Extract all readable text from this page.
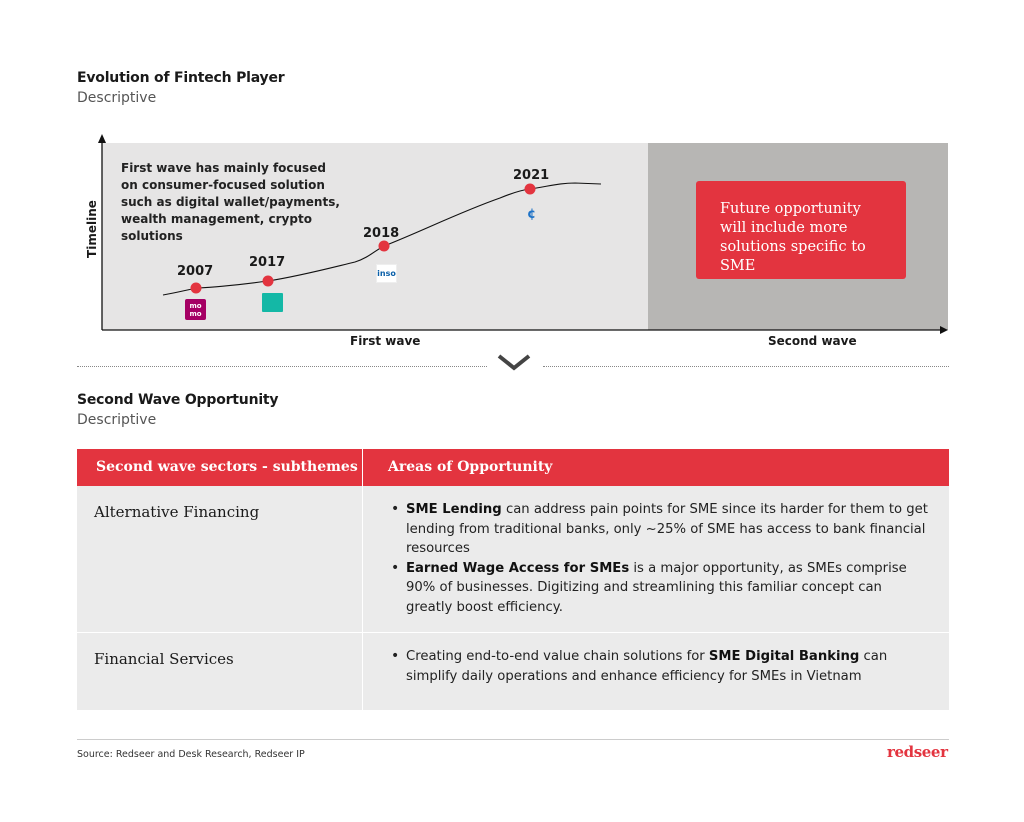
Evolution of Fintech Player
Descriptive
Timeline
First wave has mainly focused on consumer-focused solution such as digital wallet/payments, wealth management, crypto solutions
Future opportunity will include more solutions specific to SME
2007
2017
2018
2021
mo mo
inso
¢
First wave	Second wave
Second Wave Opportunity
Descriptive
Second wave sectors - subthemes	Areas of Opportunity
Alternative Financing	• SME Lending can address pain points for SME since its harder for them to get lending from traditional banks, only ~25% of SME has access to bank financial resources
• Earned Wage Access for SMEs is a major opportunity, as SMEs comprise 90% of businesses. Digitizing and streamlining this familiar concept can greatly boost efficiency.
Financial Services	• Creating end-to-end value chain solutions for SME Digital Banking can simplify daily operations and enhance efficiency for SMEs in Vietnam
Source: Redseer and Desk Research, Redseer IP	redseer
